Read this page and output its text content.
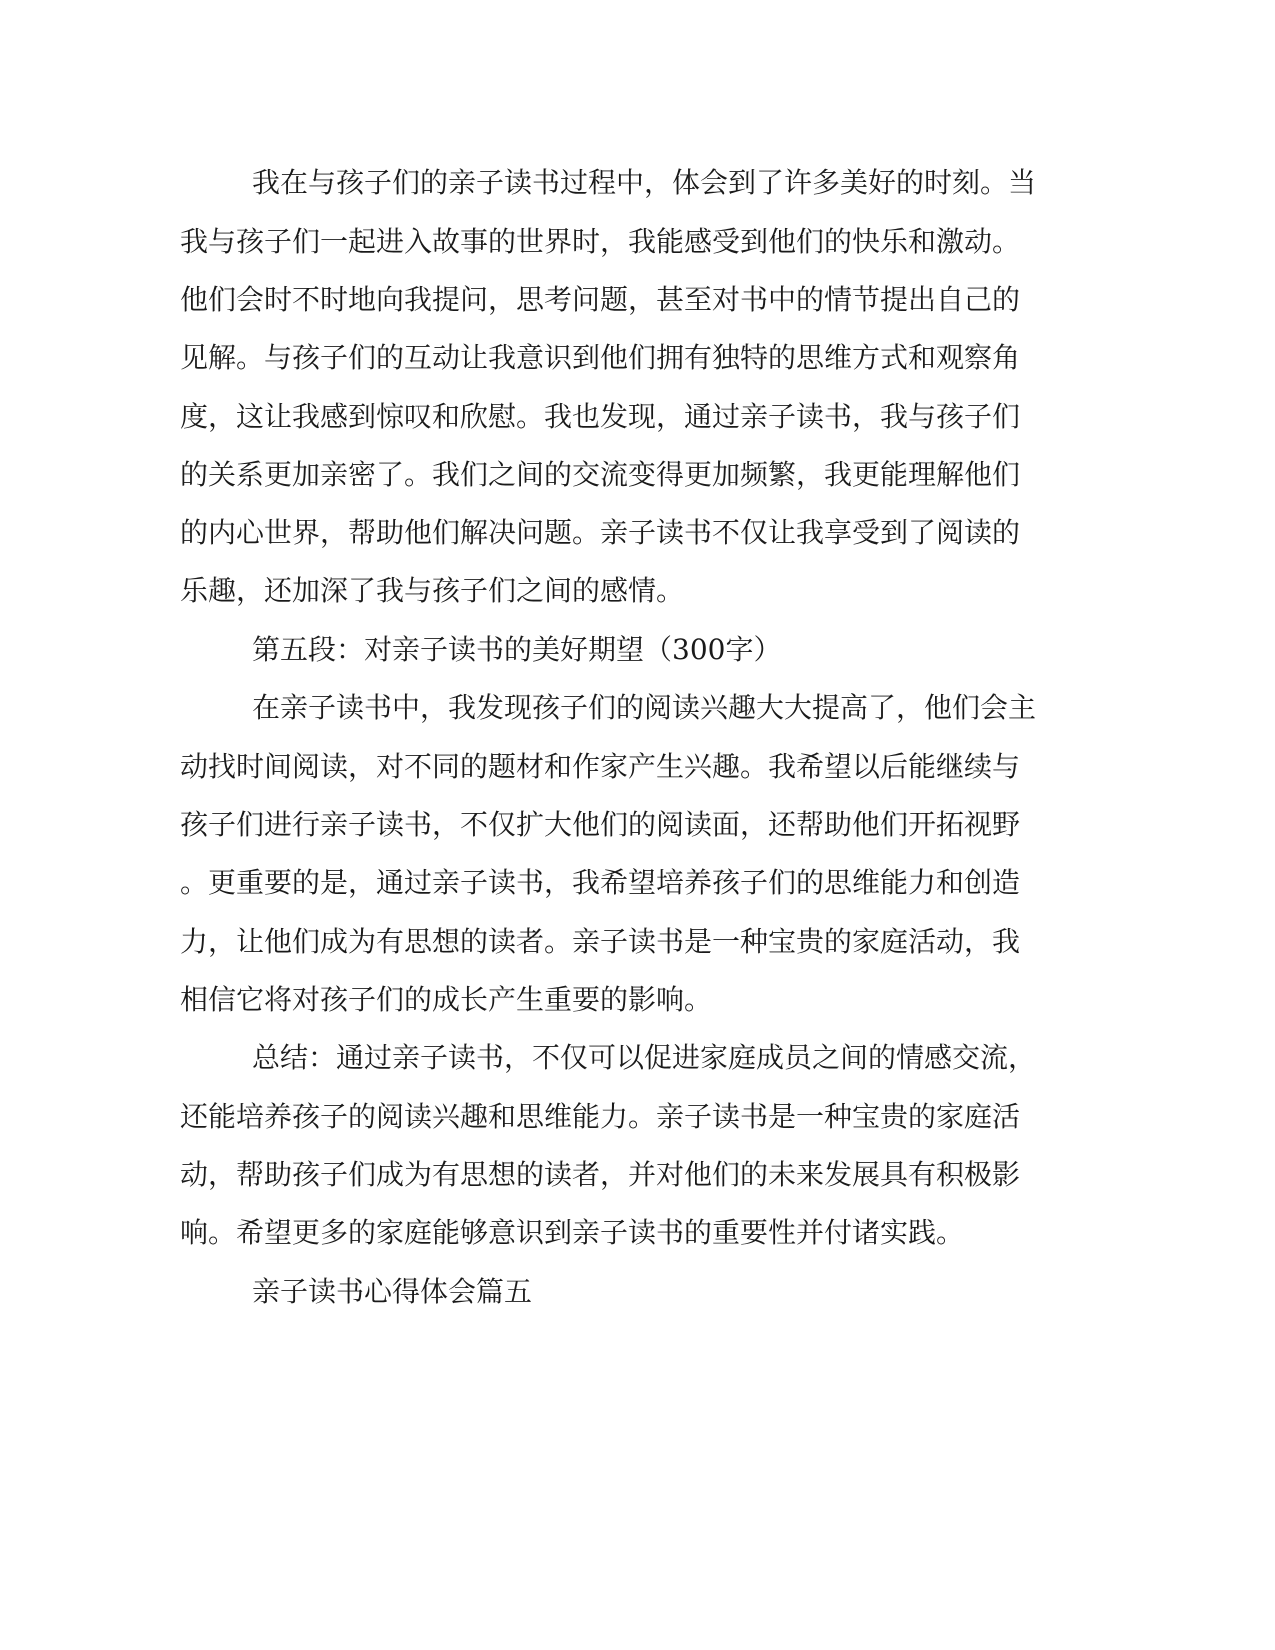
我在与孩子们的亲子读书过程中，体会到了许多美好的时刻。当
我与孩子们一起进入故事的世界时，我能感受到他们的快乐和激动。
他们会时不时地向我提问，思考问题，甚至对书中的情节提出自己的
见解。与孩子们的互动让我意识到他们拥有独特的思维方式和观察角
度，这让我感到惊叹和欣慰。我也发现，通过亲子读书，我与孩子们
的关系更加亲密了。我们之间的交流变得更加频繁，我更能理解他们
的内心世界，帮助他们解决问题。亲子读书不仅让我享受到了阅读的
乐趣，还加深了我与孩子们之间的感情。
第五段：对亲子读书的美好期望（300字）
在亲子读书中，我发现孩子们的阅读兴趣大大提高了，他们会主
动找时间阅读，对不同的题材和作家产生兴趣。我希望以后能继续与
孩子们进行亲子读书，不仅扩大他们的阅读面，还帮助他们开拓视野
。更重要的是，通过亲子读书，我希望培养孩子们的思维能力和创造
力，让他们成为有思想的读者。亲子读书是一种宝贵的家庭活动，我
相信它将对孩子们的成长产生重要的影响。
总结：通过亲子读书，不仅可以促进家庭成员之间的情感交流，
还能培养孩子的阅读兴趣和思维能力。亲子读书是一种宝贵的家庭活
动，帮助孩子们成为有思想的读者，并对他们的未来发展具有积极影
响。希望更多的家庭能够意识到亲子读书的重要性并付诸实践。
亲子读书心得体会篇五
